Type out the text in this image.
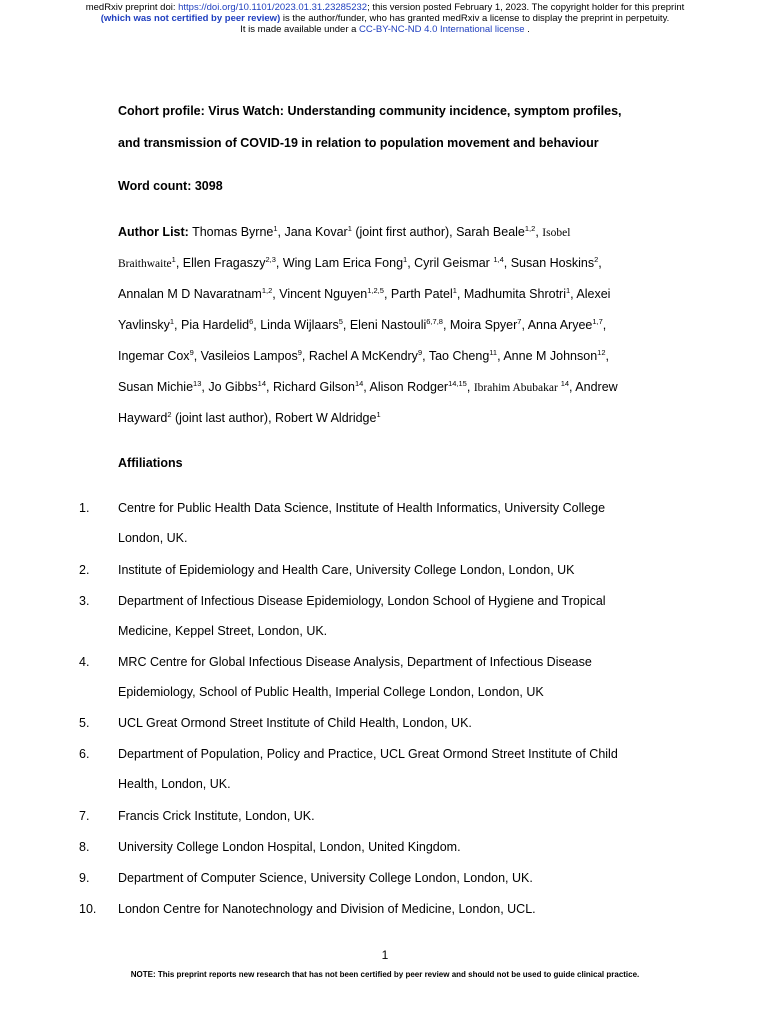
medRxiv preprint doi: https://doi.org/10.1101/2023.01.31.23285232; this version posted February 1, 2023. The copyright holder for this preprint
(which was not certified by peer review) is the author/funder, who has granted medRxiv a license to display the preprint in perpetuity.
It is made available under a CC-BY-NC-ND 4.0 International license .

Cohort profile: Virus Watch: Understanding community incidence, symptom profiles,

and transmission of COVID-19 in relation to population movement and behaviour

Word count: 3098

Author List: Thomas Byrne$^1$, Jana Kovar$^1$ (joint first author), Sarah Beale$^{1,2}$, Isobel

Braithwaite$^1$, Ellen Fragaszy$^{2,3}$, Wing Lam Erica Fong$^1$, Cyril Geismar $^{1,4}$, Susan Hoskins$^2$,

Annalan M D Navaratnam$^{1,2}$, Vincent Nguyen$^{1,2,5}$, Parth Patel$^1$, Madhumita Shrotri$^1$, Alexei

Yavlinsky$^1$, Pia Hardelid$^6$, Linda Wijlaars$^5$, Eleni Nastouli$^{6,7,8}$, Moira Spyer$^7$, Anna Aryee$^{1,7}$,

Ingemar Cox$^9$, Vasileios Lampos$^9$, Rachel A McKendry$^9$, Tao Cheng$^{11}$, Anne M Johnson$^{12}$,

Susan Michie$^{13}$, Jo Gibbs$^{14}$, Richard Gilson$^{14}$, Alison Rodger$^{14,15}$, Ibrahim Abubakar $^{14}$, Andrew

Hayward$^2$ (joint last author), Robert W Aldridge$^1$

Affiliations

1. Centre for Public Health Data Science, Institute of Health Informatics, University College
London, UK.
2. Institute of Epidemiology and Health Care, University College London, London, UK
3. Department of Infectious Disease Epidemiology, London School of Hygiene and Tropical
Medicine, Keppel Street, London, UK.
4. MRC Centre for Global Infectious Disease Analysis, Department of Infectious Disease
Epidemiology, School of Public Health, Imperial College London, London, UK
5. UCL Great Ormond Street Institute of Child Health, London, UK.
6. Department of Population, Policy and Practice, UCL Great Ormond Street Institute of Child
Health, London, UK.
7. Francis Crick Institute, London, UK.
8. University College London Hospital, London, United Kingdom.
9. Department of Computer Science, University College London, London, UK.
10. London Centre for Nanotechnology and Division of Medicine, London, UCL.
1
NOTE: This preprint reports new research that has not been certified by peer review and should not be used to guide clinical practice.
